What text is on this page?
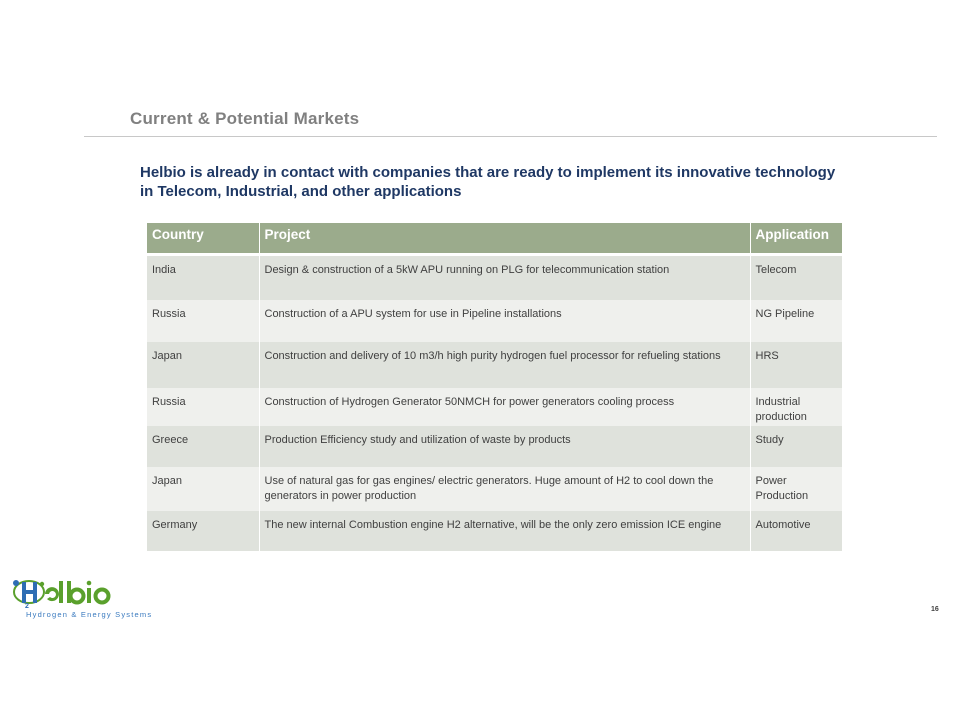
Current & Potential Markets
Helbio is already in contact with companies that are ready to implement its innovative technology in Telecom, Industrial, and other applications
Country	Project	Application
India	Design & construction of a 5kW APU running on PLG for telecommunication station	Telecom
Russia	Construction of a APU system for use in Pipeline installations	NG Pipeline
Japan	Construction and delivery of 10 m3/h high purity hydrogen fuel processor for refueling stations	HRS
Russia	Construction of Hydrogen Generator 50NMCH for power generators cooling process	Industrial production
Greece	Production Efficiency study and utilization of waste by products	Study
Japan	Use of natural gas for gas engines/ electric generators. Huge amount of H2 to cool down the generators in power production	Power Production
Germany	The new internal Combustion engine H2 alternative, will be the only zero emission ICE engine	Automotive
2
Hydrogen & Energy Systems
16
